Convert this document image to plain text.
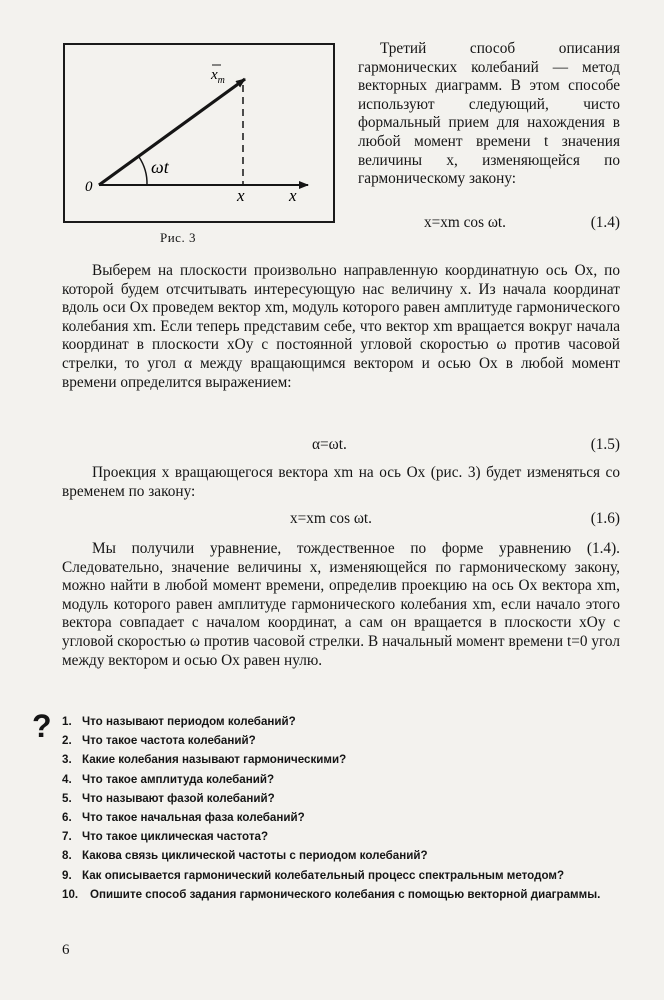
0
$x_m$
ωt
x	x
Рис. 3
Третий способ описания гармонических колебаний — метод векторных диаграмм. В этом способе используют следующий, чисто формальный прием для нахождения в любой момент времени t значения величины x, изменяющейся по гармоническому закону:
x=xm cos ωt.	(1.4)

Выберем на плоскости произвольно направленную координатную ось Ox, по которой будем отсчитывать интересующую нас величину x. Из начала координат вдоль оси Ox проведем вектор xm, модуль которого равен амплитуде гармонического колебания xm. Если теперь представим себе, что вектор xm вращается вокруг начала координат в плоскости xOy с постоянной угловой скоростью ω против часовой стрелки, то угол α между вращающимся вектором и осью Ox в любой момент времени определится выражением:

α=ωt.	(1.5)

Проекция x вращающегося вектора xm на ось Ox (рис. 3) будет изменяться со временем по закону:

x=xm cos ωt.	(1.6)

Мы получили уравнение, тождественное по форме уравнению (1.4). Следовательно, значение величины x, изменяющейся по гармоническому закону, можно найти в любой момент времени, определив проекцию на ось Ox вектора xm, модуль которого равен амплитуде гармонического колебания xm, если начало этого вектора совпадает с началом координат, а сам он вращается в плоскости xOy с угловой скоростью ω против часовой стрелки. В начальный момент времени t=0 угол между вектором и осью Ox равен нулю.

? 1. Что называют периодом колебаний?
2. Что такое частота колебаний?
3. Какие колебания называют гармоническими?
4. Что такое амплитуда колебаний?
5. Что называют фазой колебаний?
6. Что такое начальная фаза колебаний?
7. Что такое циклическая частота?
8. Какова связь циклической частоты с периодом колебаний?
9. Как описывается гармонический колебательный процесс спектральным методом?
10. Опишите способ задания гармонического колебания с помощью векторной диаграммы.
6
